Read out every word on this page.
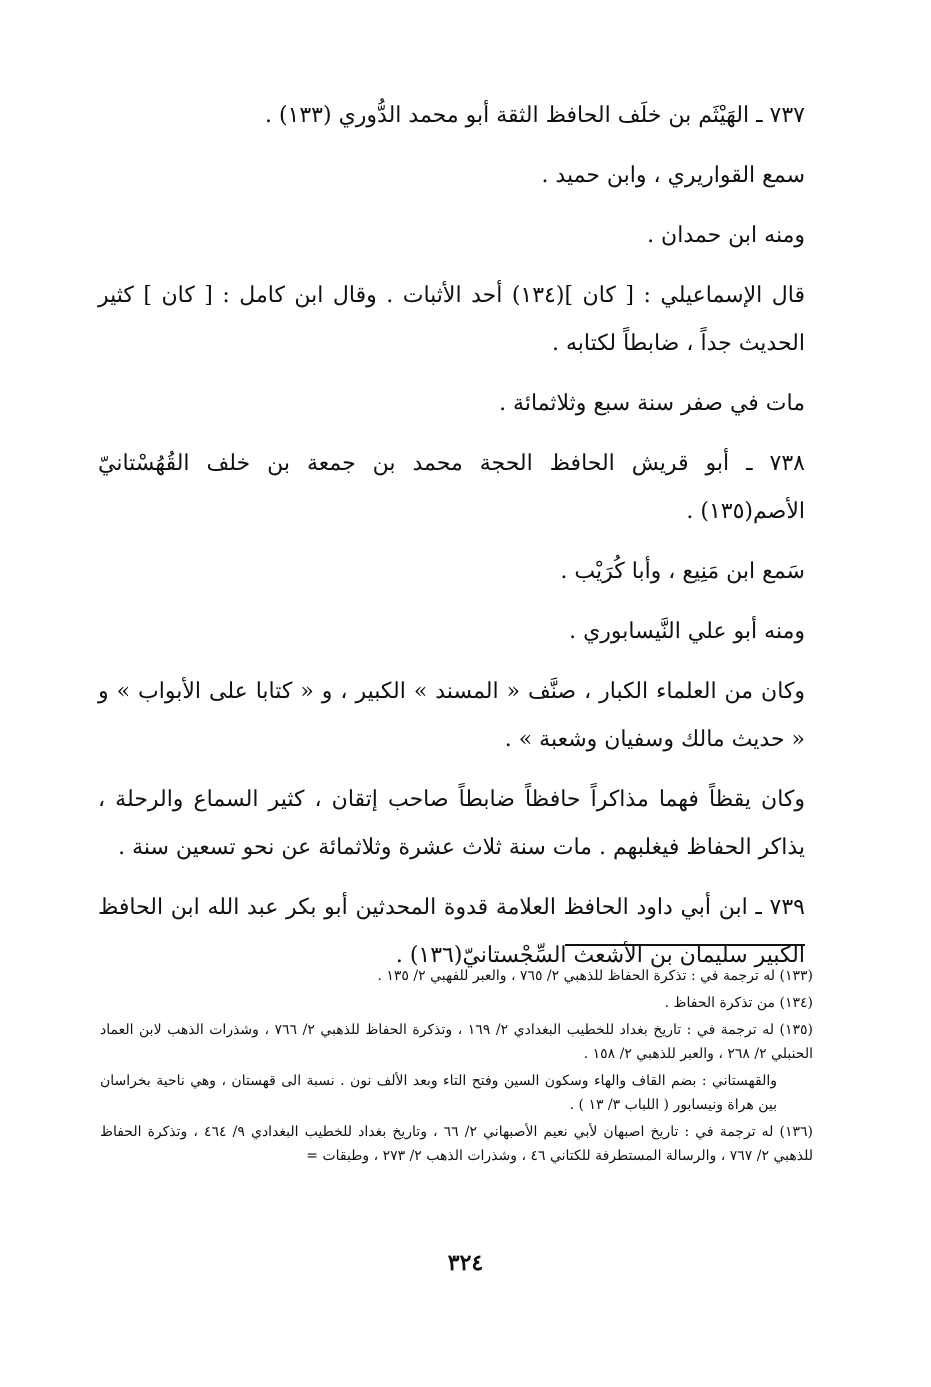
٧٣٧ ـ الهَيْثَم بن خلَف الحافظ الثقة أبو محمد الدُّوري (١٣٣) .

سمع القواريري ، وابن حميد .

ومنه ابن حمدان .

قال الإسماعيلي : [ كان ](١٣٤) أحد الأثبات . وقال ابن كامل : [ كان ] كثير الحديث جداً ، ضابطاً لكتابه .

مات في صفر سنة سبع وثلاثمائة .

٧٣٨ ـ أبو قريش الحافظ الحجة محمد بن جمعة بن خلف القُهُسْتانيّ الأصم(١٣٥) .

سَمع ابن مَنِيع ، وأبا كُرَيْب .

ومنه أبو علي النَّيسابوري .

وكان من العلماء الكبار ، صنَّف « المسند » الكبير ، و « كتابا على الأبواب » و « حديث مالك وسفيان وشعبة » .

وكان يقظاً فهما مذاكراً حافظاً ضابطاً صاحب إتقان ، كثير السماع والرحلة ، يذاكر الحفاظ فيغلبهم . مات سنة ثلاث عشرة وثلاثمائة عن نحو تسعين سنة .

٧٣٩ ـ ابن أبي داود الحافظ العلامة قدوة المحدثين أبو بكر عبد الله ابن الحافظ الكبير سليمان بن الأشعث السِّجْستانيّ(١٣٦) .

(١٣٣) له ترجمة في : تذكرة الحفاظ للذهبي ٢/ ٧٦٥ ، والعبر للفهبي ٢/ ١٣٥ .

(١٣٤) من تذكرة الحفاظ .

(١٣٥) له ترجمة في : تاريخ بغداد للخطيب البغدادي ٢/ ١٦٩ ، وتذكرة الحفاظ للذهبي ٢/ ٧٦٦ ، وشذرات الذهب لابن العماد الحنبلي ٢/ ٢٦٨ ، والعبر للذهبي ٢/ ١٥٨ .

والقهستاني : بضم القاف والهاء وسكون السين وفتح التاء وبعد الألف نون . نسبة الى قهستان ، وهي ناحية بخراسان بين هراة ونيسابور ( اللباب ٣/ ١٣ ) .

(١٣٦) له ترجمة في : تاريخ اصبهان لأبي نعيم الأصبهاني ٢/ ٦٦ ، وتاريخ بغداد للخطيب البغدادي ٩/ ٤٦٤ ، وتذكرة الحفاظ للذهبي ٢/ ٧٦٧ ، والرسالة المستطرفة للكتاني ٤٦ ، وشذرات الذهب ٢/ ٢٧٣ ، وطبقات =

٣٢٤
